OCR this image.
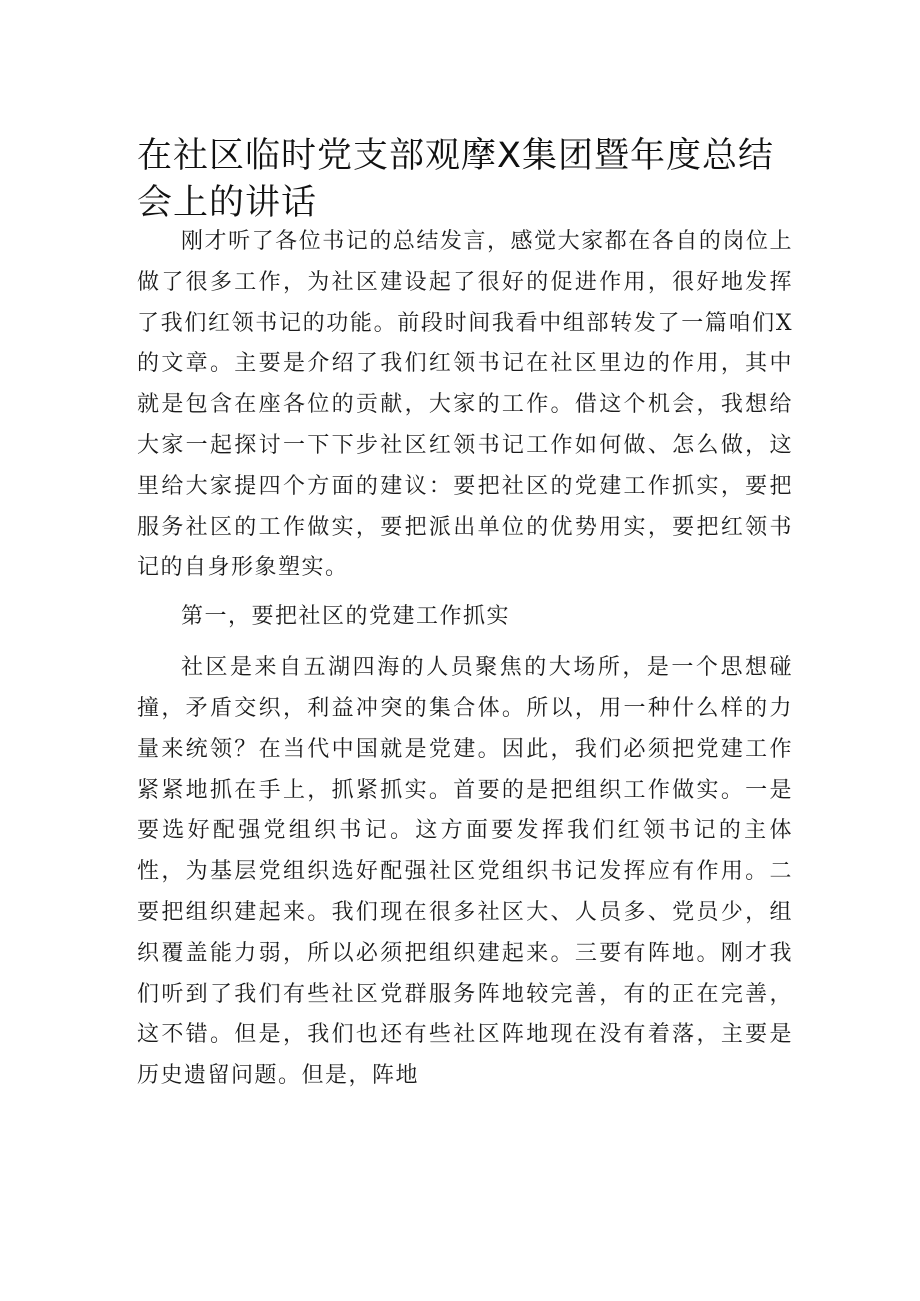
在社区临时党支部观摩X集团暨年度总结会上的讲话

刚才听了各位书记的总结发言，感觉大家都在各自的岗位上做了很多工作，为社区建设起了很好的促进作用，很好地发挥了我们红领书记的功能。前段时间我看中组部转发了一篇咱们X的文章。主要是介绍了我们红领书记在社区里边的作用，其中就是包含在座各位的贡献，大家的工作。借这个机会，我想给大家一起探讨一下下步社区红领书记工作如何做、怎么做，这里给大家提四个方面的建议：要把社区的党建工作抓实，要把服务社区的工作做实，要把派出单位的优势用实，要把红领书记的自身形象塑实。

第一，要把社区的党建工作抓实

社区是来自五湖四海的人员聚焦的大场所，是一个思想碰撞，矛盾交织，利益冲突的集合体。所以，用一种什么样的力量来统领？在当代中国就是党建。因此，我们必须把党建工作紧紧地抓在手上，抓紧抓实。首要的是把组织工作做实。一是要选好配强党组织书记。这方面要发挥我们红领书记的主体性，为基层党组织选好配强社区党组织书记发挥应有作用。二要把组织建起来。我们现在很多社区大、人员多、党员少，组织覆盖能力弱，所以必须把组织建起来。三要有阵地。刚才我们听到了我们有些社区党群服务阵地较完善，有的正在完善，这不错。但是，我们也还有些社区阵地现在没有着落，主要是历史遗留问题。但是，阵地
